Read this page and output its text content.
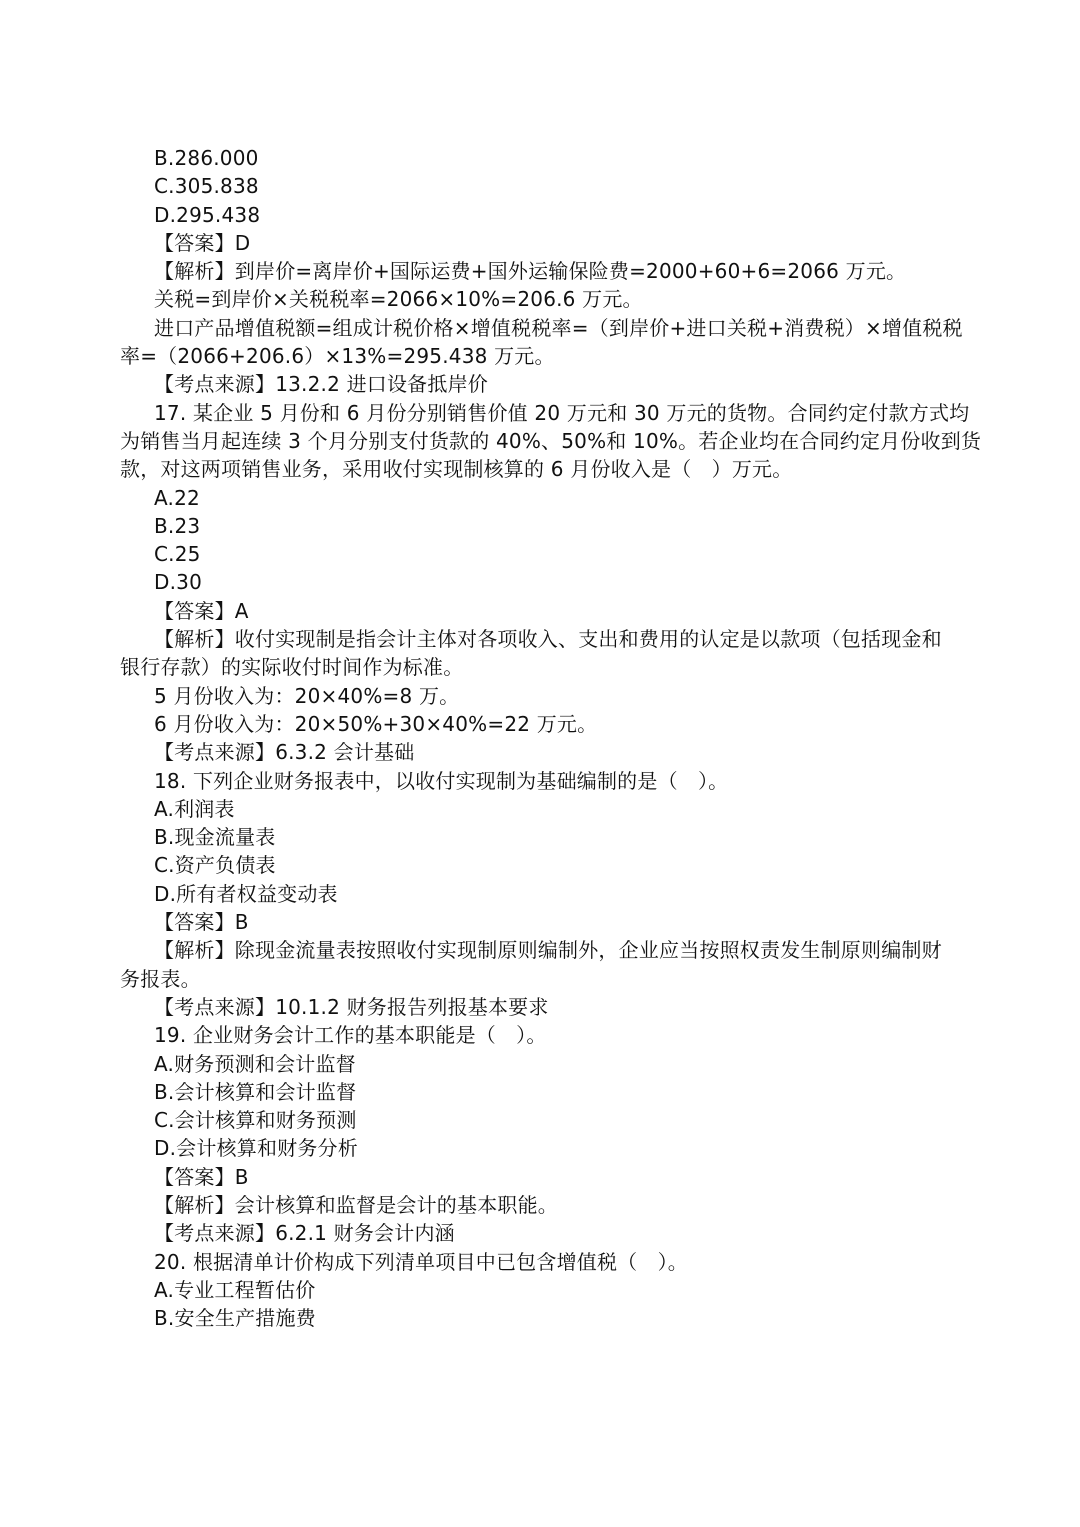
B.286.000
C.305.838
D.295.438
【答案】D
【解析】到岸价=离岸价+国际运费+国外运输保险费=2000+60+6=2066 万元。
关税=到岸价×关税税率=2066×10%=206.6 万元。
进口产品增值税额=组成计税价格×增值税税率=（到岸价+进口关税+消费税）×增值税税
率=（2066+206.6）×13%=295.438 万元。
【考点来源】13.2.2 进口设备抵岸价
17. 某企业 5 月份和 6 月份分别销售价值 20 万元和 30 万元的货物。合同约定付款方式均
为销售当月起连续 3 个月分别支付货款的 40%、50%和 10%。若企业均在合同约定月份收到货
款，对这两项销售业务，采用收付实现制核算的 6 月份收入是（　）万元。
A.22
B.23
C.25
D.30
【答案】A
【解析】收付实现制是指会计主体对各项收入、支出和费用的认定是以款项（包括现金和
银行存款）的实际收付时间作为标准。
5 月份收入为：20×40%=8 万。
6 月份收入为：20×50%+30×40%=22 万元。
【考点来源】6.3.2 会计基础
18. 下列企业财务报表中，以收付实现制为基础编制的是（　）。
A.利润表
B.现金流量表
C.资产负债表
D.所有者权益变动表
【答案】B
【解析】除现金流量表按照收付实现制原则编制外，企业应当按照权责发生制原则编制财
务报表。
【考点来源】10.1.2 财务报告列报基本要求
19. 企业财务会计工作的基本职能是（　）。
A.财务预测和会计监督
B.会计核算和会计监督
C.会计核算和财务预测
D.会计核算和财务分析
【答案】B
【解析】会计核算和监督是会计的基本职能。
【考点来源】6.2.1 财务会计内涵
20. 根据清单计价构成下列清单项目中已包含增值税（　）。
A.专业工程暂估价
B.安全生产措施费
